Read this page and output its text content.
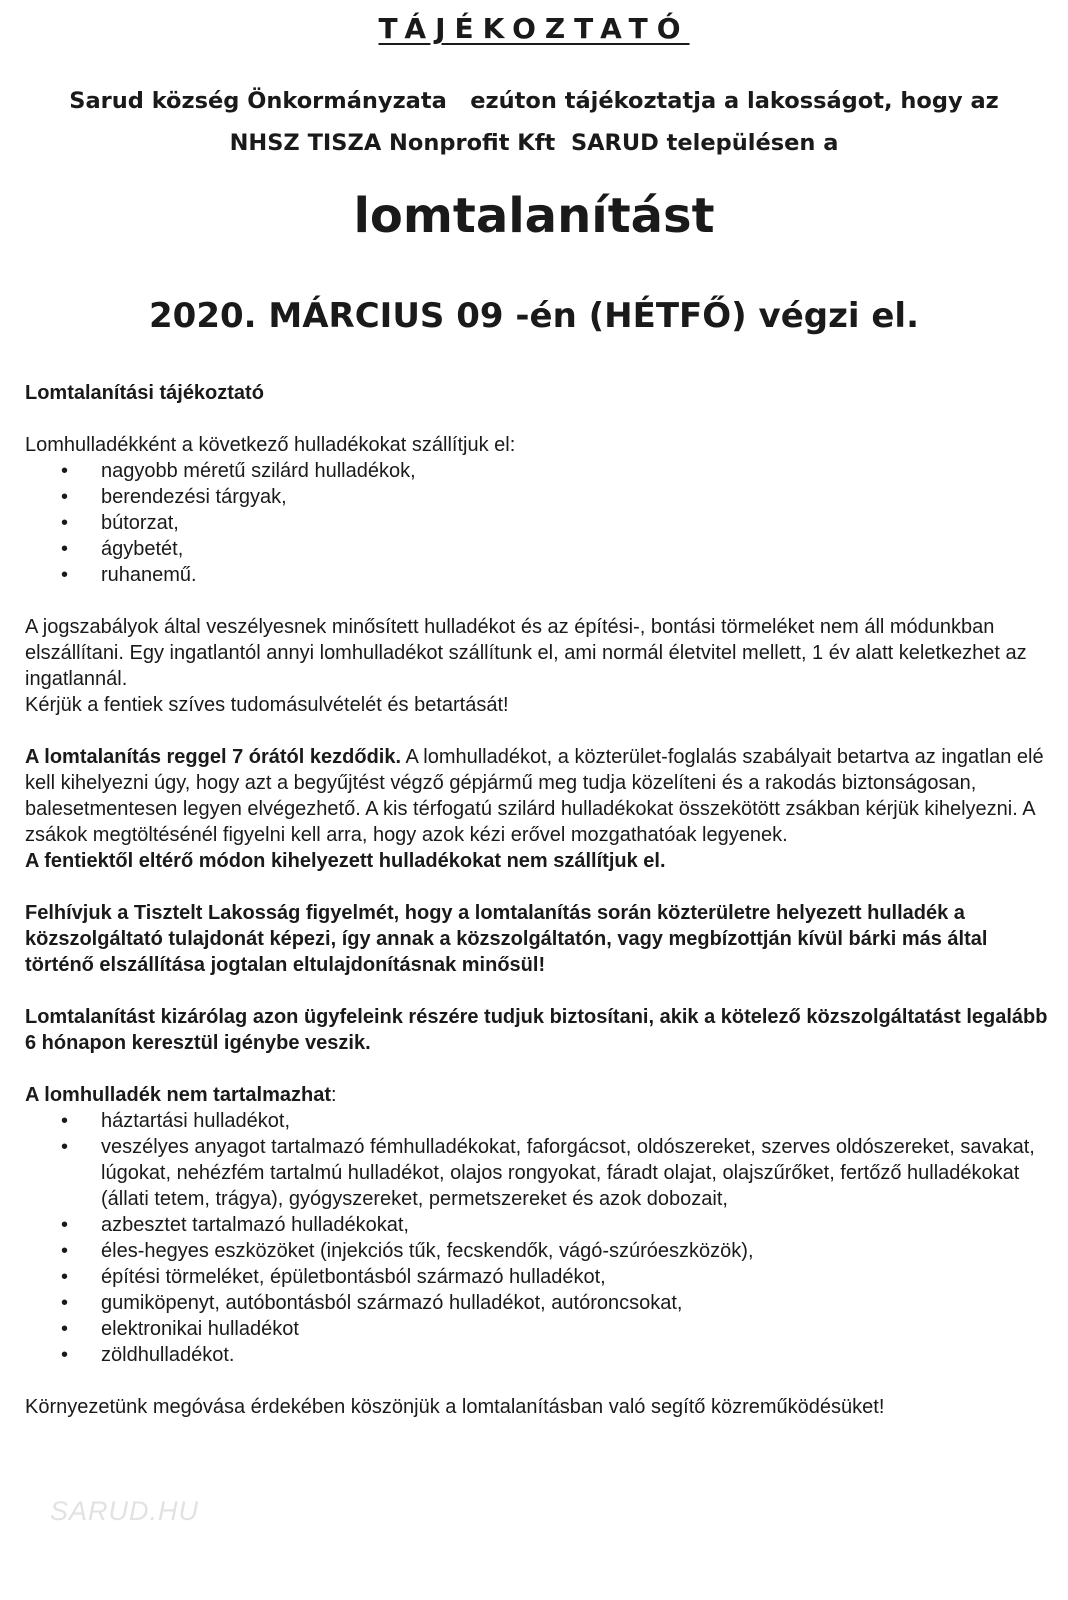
TÁJÉKOZTATÓ
Sarud község Önkormányzata   ezúton tájékoztatja a lakosságot, hogy az
NHSZ TISZA Nonprofit Kft  SARUD településen a
lomtalanítást
2020. MÁRCIUS 09 -én (HÉTFŐ) végzi el.

Lomtalanítási tájékoztató

Lomhulladékként a következő hulladékokat szállítjuk el:

• nagyobb méretű szilárd hulladékok,
• berendezési tárgyak,
• bútorzat,
• ágybetét,
• ruhanemű.

A jogszabályok által veszélyesnek minősített hulladékot és az építési-, bontási törmeléket nem áll módunkban elszállítani. Egy ingatlantól annyi lomhulladékot szállítunk el, ami normál életvitel mellett, 1 év alatt keletkezhet az ingatlannál.

Kérjük a fentiek szíves tudomásulvételét és betartását!

A lomtalanítás reggel 7 órától kezdődik. A lomhulladékot, a közterület-foglalás szabályait betartva az ingatlan elé kell kihelyezni úgy, hogy azt a begyűjtést végző gépjármű meg tudja közelíteni és a rakodás biztonságosan, balesetmentesen legyen elvégezhető. A kis térfogatú szilárd hulladékokat összekötött zsákban kérjük kihelyezni. A zsákok megtöltésénél figyelni kell arra, hogy azok kézi erővel mozgathatóak legyenek.

A fentiektől eltérő módon kihelyezett hulladékokat nem szállítjuk el.

Felhívjuk a Tisztelt Lakosság figyelmét, hogy a lomtalanítás során közterületre helyezett hulladék a közszolgáltató tulajdonát képezi, így annak a közszolgáltatón, vagy megbízottján kívül bárki más által történő elszállítása jogtalan eltulajdonításnak minősül!

Lomtalanítást kizárólag azon ügyfeleink részére tudjuk biztosítani, akik a kötelező közszolgáltatást legalább 6 hónapon keresztül igénybe veszik.

A lomhulladék nem tartalmazhat:

• háztartási hulladékot,
• veszélyes anyagot tartalmazó fémhulladékokat, faforgácsot, oldószereket, szerves oldószereket, savakat, lúgokat, nehézfém tartalmú hulladékot, olajos rongyokat, fáradt olajat, olajszűrőket, fertőző hulladékokat (állati tetem, trágya), gyógyszereket, permetszereket és azok dobozait,
• azbesztet tartalmazó hulladékokat,
• éles-hegyes eszközöket (injekciós tűk, fecskendők, vágó-szúróeszközök),
• építési törmeléket, épületbontásból származó hulladékot,
• gumiköpenyt, autóbontásból származó hulladékot, autóroncsokat,
• elektronikai hulladékot
• zöldhulladékot.

Környezetünk megóvása érdekében köszönjük a lomtalanításban való segítő közreműködésüket!

SARUD.HU
